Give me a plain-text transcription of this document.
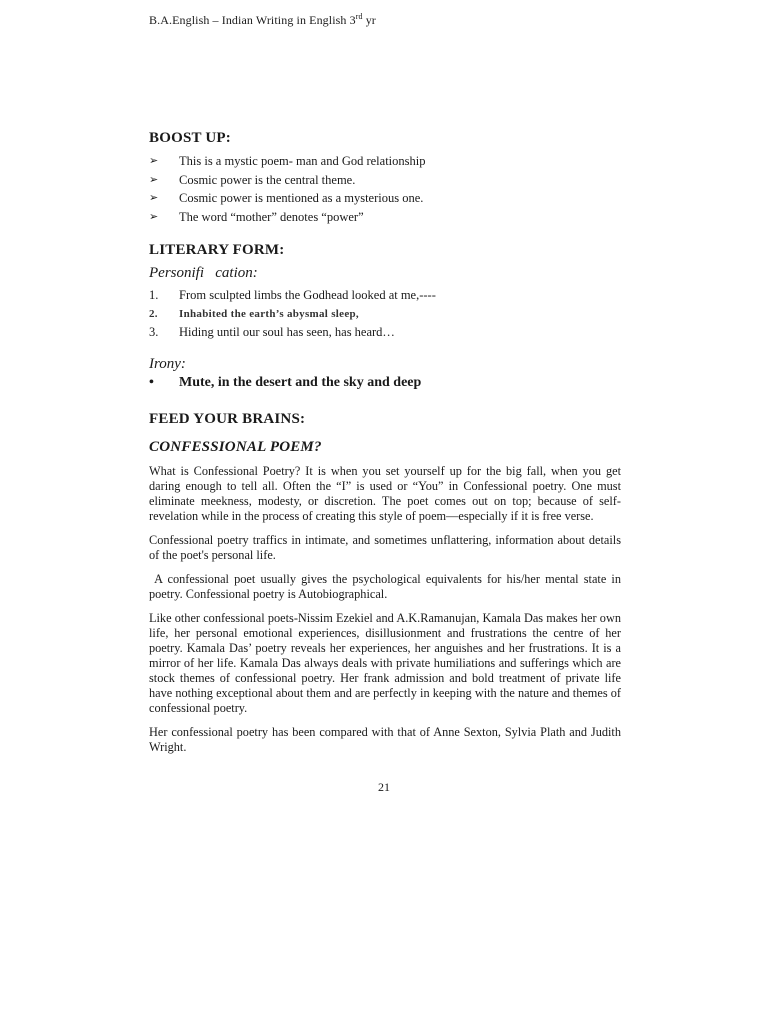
B.A.English – Indian Writing in English 3rd yr
BOOST UP:
➢	This is a mystic poem- man and God relationship
➢	Cosmic power is the central theme.
➢	Cosmic power is mentioned as a mysterious one.
➢	The word “mother” denotes “power”
LITERARY FORM:

Personifi   cation:

1.	From sculpted limbs the Godhead looked at me,----
2.	Inhabited the earth’s abysmal sleep,
3.	Hiding until our soul has seen, has heard…

Irony:

•	Mute, in the desert and the sky and deep
FEED YOUR BRAINS:

CONFESSIONAL POEM?

What is Confessional Poetry? It is when you set yourself up for the big fall, when you get daring enough to tell all. Often the “I” is used or “You” in Confessional poetry. One must eliminate meekness, modesty, or discretion. The poet comes out on top; because of self-revelation while in the process of creating this style of poem—especially if it is free verse.

Confessional poetry traffics in intimate, and sometimes unflattering, information about details of the poet's personal life.

A confessional poet usually gives the psychological equivalents for his/her mental state in poetry. Confessional poetry is Autobiographical.

Like other confessional poets-Nissim Ezekiel and A.K.Ramanujan, Kamala Das makes her own life, her personal emotional experiences, disillusionment and frustrations the centre of her poetry. Kamala Das’ poetry reveals her experiences, her anguishes and her frustrations. It is a mirror of her life. Kamala Das always deals with private humiliations and sufferings which are stock themes of confessional poetry. Her frank admission and bold treatment of private life have nothing exceptional about them and are perfectly in keeping with the nature and themes of confessional poetry.

Her confessional poetry has been compared with that of Anne Sexton, Sylvia Plath and Judith Wright.

21
